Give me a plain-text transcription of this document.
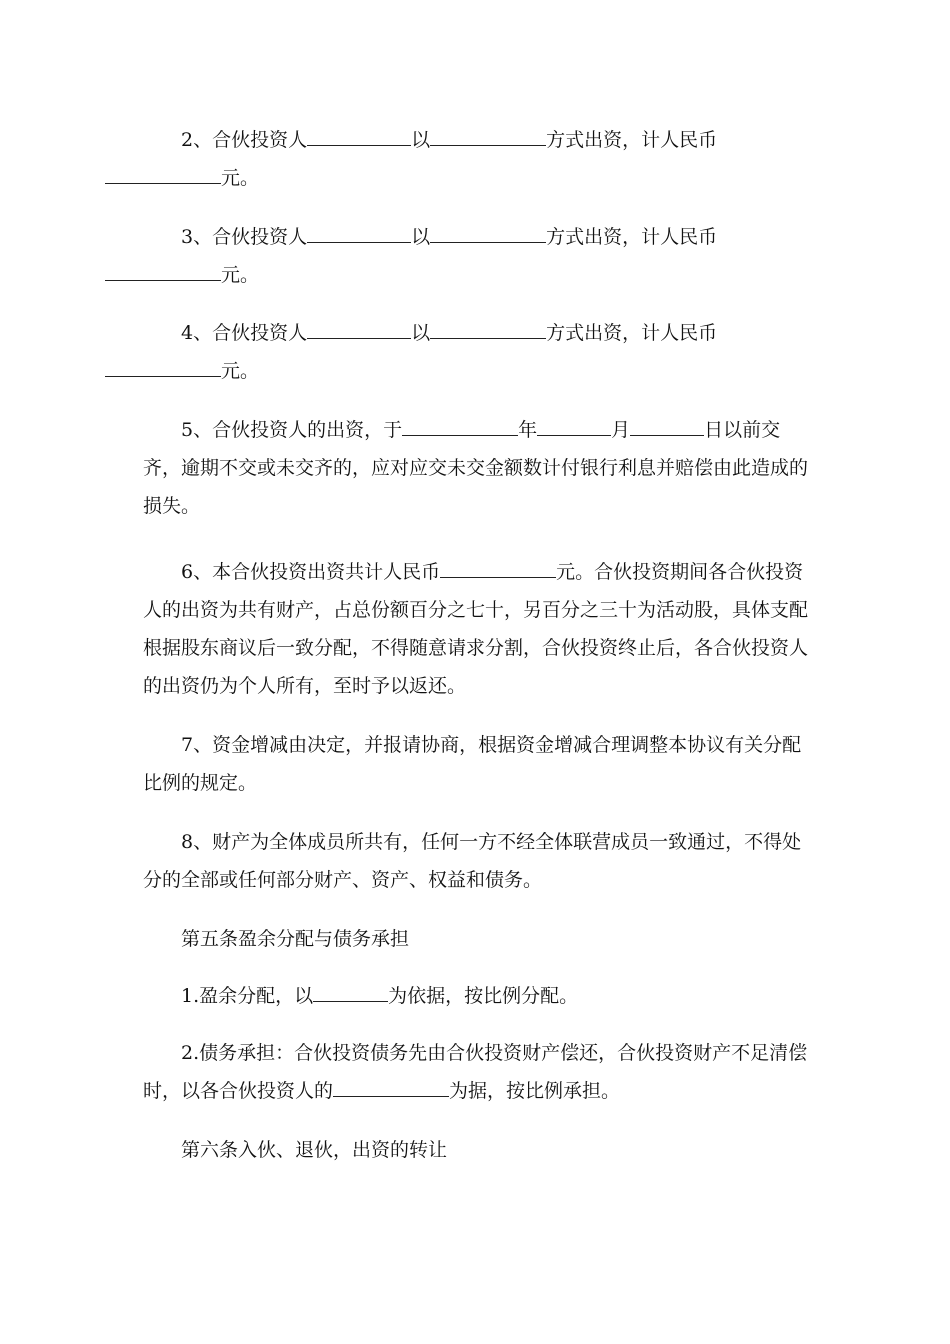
2、合伙投资人	以	方式出资，计人民币
元。

3、合伙投资人	以	方式出资，计人民币
元。

4、合伙投资人	以	方式出资，计人民币
元。

5、合伙投资人的出资，于	年	月	日以前交齐，逾期不交或未交齐的，应对应交未交金额数计付银行利息并赔偿由此造成的损失。

6、本合伙投资出资共计人民币	元。合伙投资期间各合伙投资人的出资为共有财产，占总份额百分之七十，另百分之三十为活动股，具体支配根据股东商议后一致分配，不得随意请求分割，合伙投资终止后，各合伙投资人的出资仍为个人所有，至时予以返还。

7、资金增减由决定，并报请协商，根据资金增减合理调整本协议有关分配比例的规定。

8、财产为全体成员所共有，任何一方不经全体联营成员一致通过，不得处分的全部或任何部分财产、资产、权益和债务。

第五条盈余分配与债务承担

1.盈余分配，以	为依据，按比例分配。

2.债务承担：合伙投资债务先由合伙投资财产偿还，合伙投资财产不足清偿时，以各合伙投资人的	为据，按比例承担。

第六条入伙、退伙，出资的转让
